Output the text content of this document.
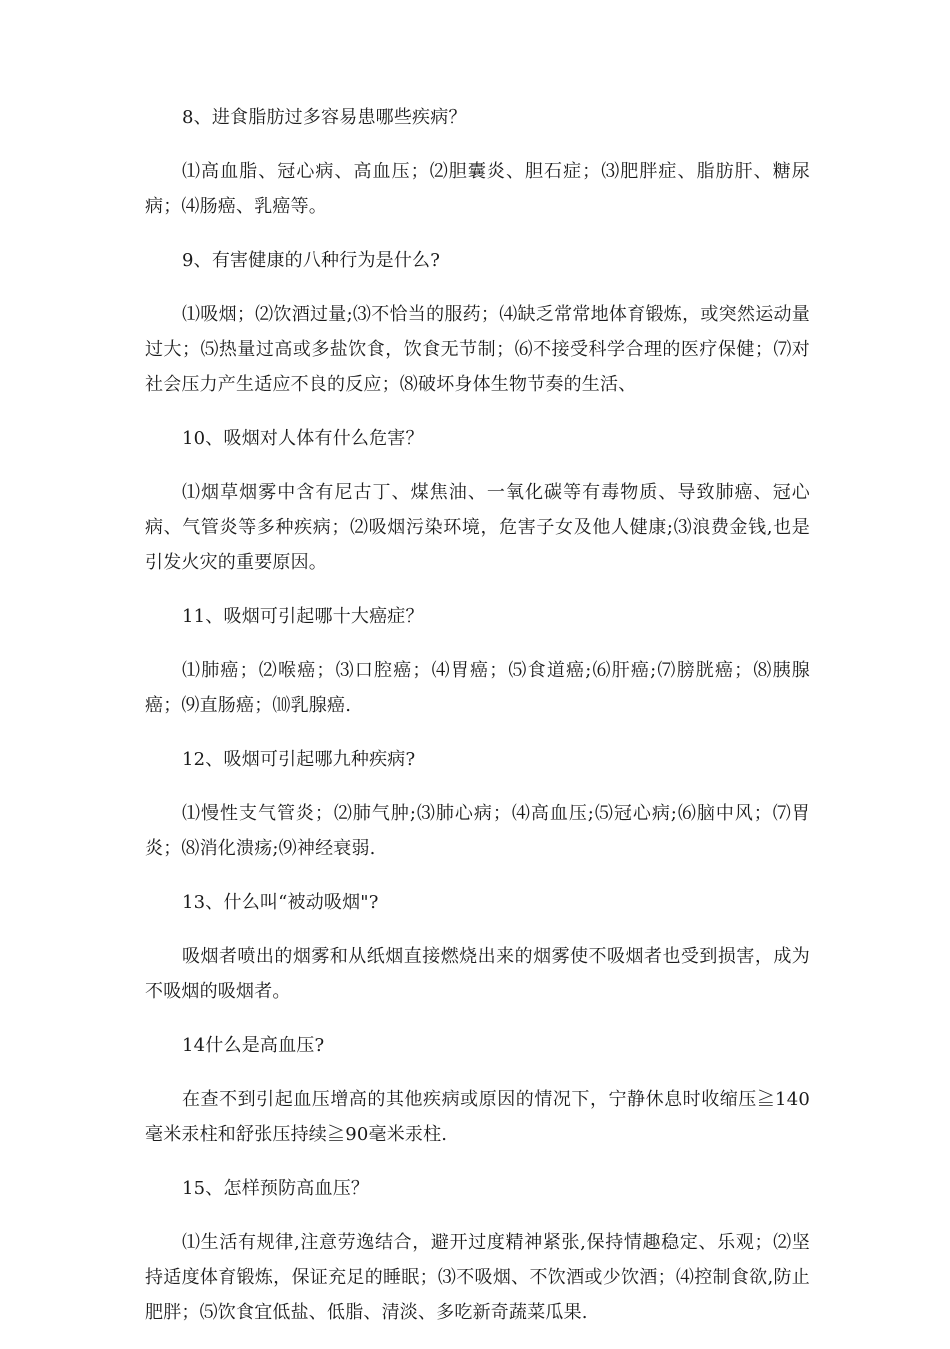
8、进食脂肪过多容易患哪些疾病？

⑴高血脂、冠心病、高血压；⑵胆囊炎、胆石症；⑶肥胖症、脂肪肝、糖尿病；⑷肠癌、乳癌等。

9、有害健康的八种行为是什么?

⑴吸烟；⑵饮酒过量;⑶不恰当的服药；⑷缺乏常常地体育锻炼，或突然运动量过大；⑸热量过高或多盐饮食，饮食无节制；⑹不接受科学合理的医疗保健；⑺对社会压力产生适应不良的反应；⑻破坏身体生物节奏的生活、

10、吸烟对人体有什么危害？

⑴烟草烟雾中含有尼古丁、煤焦油、一氧化碳等有毒物质、导致肺癌、冠心病、气管炎等多种疾病；⑵吸烟污染环境，危害子女及他人健康;⑶浪费金钱,也是引发火灾的重要原因。

11、吸烟可引起哪十大癌症？

⑴肺癌；⑵喉癌；⑶口腔癌；⑷胃癌；⑸食道癌;⑹肝癌;⑺膀胱癌；⑻胰腺癌；⑼直肠癌；⑽乳腺癌.

12、吸烟可引起哪九种疾病?

⑴慢性支气管炎；⑵肺气肿;⑶肺心病；⑷高血压;⑸冠心病;⑹脑中风；⑺胃炎；⑻消化溃疡;⑼神经衰弱.

13、什么叫“被动吸烟"?

吸烟者喷出的烟雾和从纸烟直接燃烧出来的烟雾使不吸烟者也受到损害，成为不吸烟的吸烟者。

14什么是高血压?

在查不到引起血压增高的其他疾病或原因的情况下，宁静休息时收缩压≧140毫米汞柱和舒张压持续≧90毫米汞柱.

15、怎样预防高血压？

⑴生活有规律,注意劳逸结合，避开过度精神紧张,保持情趣稳定、乐观；⑵坚持适度体育锻炼，保证充足的睡眠；⑶不吸烟、不饮酒或少饮酒；⑷控制食欲,防止肥胖；⑸饮食宜低盐、低脂、清淡、多吃新奇蔬菜瓜果.
